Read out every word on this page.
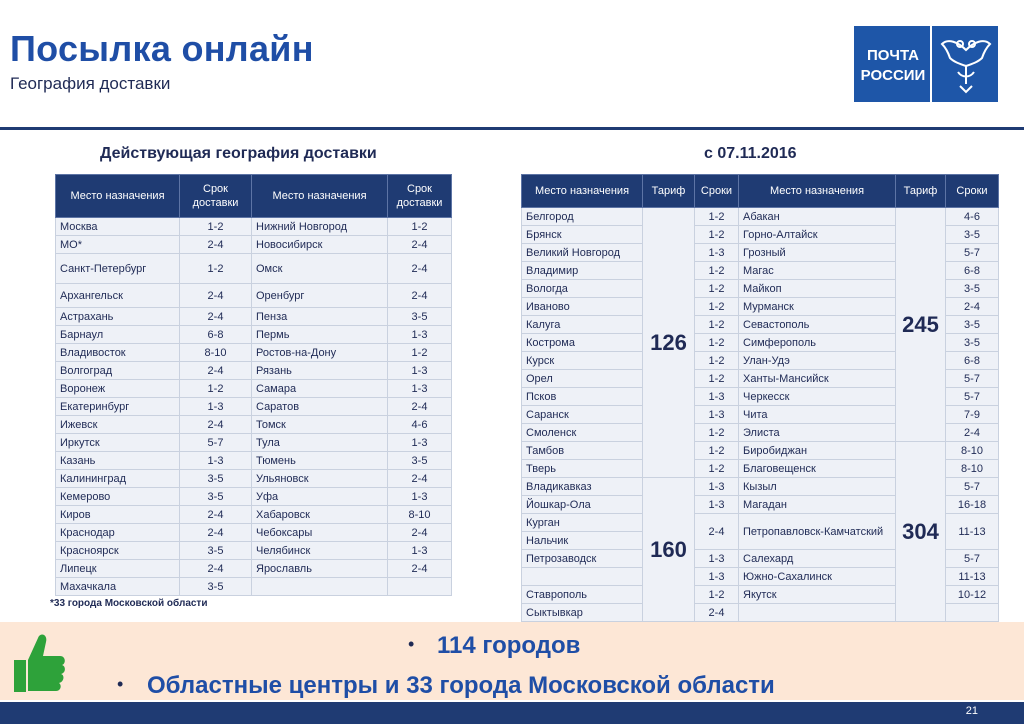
Посылка онлайн
География доставки
ПОЧТА
РОССИИ
Действующая география доставки	с 07.11.2016
Место назначения	Срок доставки	Место назначения	Срок доставки
Москва	1-2	Нижний Новгород	1-2
МО*	2-4	Новосибирск	2-4
Санкт-Петербург	1-2	Омск	2-4
Архангельск	2-4	Оренбург	2-4
Астрахань	2-4	Пенза	3-5
Барнаул	6-8	Пермь	1-3
Владивосток	8-10	Ростов-на-Дону	1-2
Волгоград	2-4	Рязань	1-3
Воронеж	1-2	Самара	1-3
Екатеринбург	1-3	Саратов	2-4
Ижевск	2-4	Томск	4-6
Иркутск	5-7	Тула	1-3
Казань	1-3	Тюмень	3-5
Калининград	3-5	Ульяновск	2-4
Кемерово	3-5	Уфа	1-3
Киров	2-4	Хабаровск	8-10
Краснодар	2-4	Чебоксары	2-4
Красноярск	3-5	Челябинск	1-3
Липецк	2-4	Ярославль	2-4
Махачкала	3-5		
*33 города Московской области
Место назначения	Тариф	Сроки	Место назначения	Тариф	Сроки
Белгород	126	1-2	Абакан	245	4-6
Брянск		1-2	Горно-Алтайск		3-5
Великий Новгород		1-3	Грозный		5-7
Владимир		1-2	Магас		6-8
Вологда		1-2	Майкоп		3-5
Иваново		1-2	Мурманск		2-4
Калуга		1-2	Севастополь		3-5
Кострома		1-2	Симферополь		3-5
Курск		1-2	Улан-Удэ		6-8
Орел		1-2	Ханты-Мансийск		5-7
Псков		1-3	Черкесск		5-7
Саранск		1-3	Чита		7-9
Смоленск		1-2	Элиста		2-4
Тамбов		1-2	Биробиджан	304	8-10
Тверь		1-2	Благовещенск		8-10
Владикавказ	160	1-3	Кызыл		5-7
Йошкар-Ола		1-3	Магадан		16-18
Курган		2-4	Петропавловск-Камчатский		11-13
Нальчик					
Петрозаводск		1-3	Салехард		5-7
		1-3	Южно-Сахалинск		11-13
Ставрополь		1-2	Якутск		10-12
Сыктывкар		2-4			
• 114 городов
• Областные центры и 33 города Московской области
21
